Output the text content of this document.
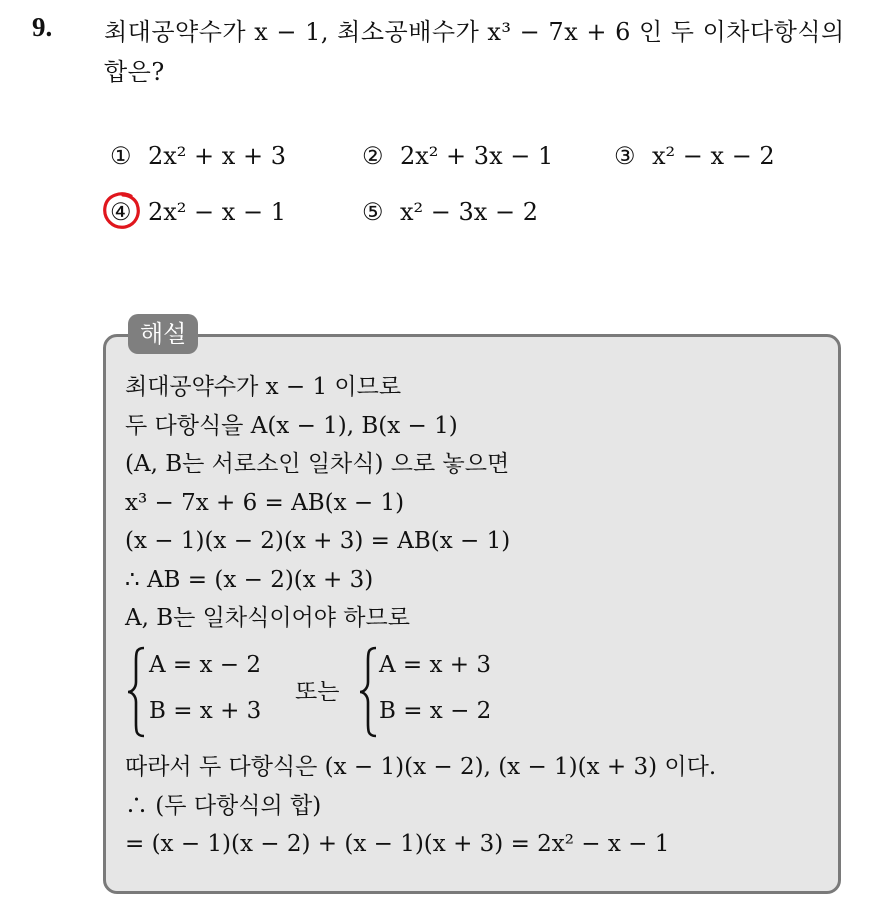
9. 최대공약수가 x − 1, 최소공배수가 x³ − 7x + 6 인 두 이차다항식의
합은?
① 2x² + x + 3	② 2x² + 3x − 1	③ x² − x − 2
④ 2x² − x − 1	⑤ x² − 3x − 2
해설
최대공약수가 x − 1 이므로
두 다항식을 A(x − 1), B(x − 1)
(A, B는 서로소인 일차식) 으로 놓으면
x³ − 7x + 6 = AB(x − 1)
(x − 1)(x − 2)(x + 3) = AB(x − 1)
∴ AB = (x − 2)(x + 3)
A, B는 일차식이어야 하므로
A = x − 2
B = x + 3
또는
A = x + 3
B = x − 2
따라서 두 다항식은 (x − 1)(x − 2), (x − 1)(x + 3) 이다.
∴ (두 다항식의 합)
= (x − 1)(x − 2) + (x − 1)(x + 3) = 2x² − x − 1
